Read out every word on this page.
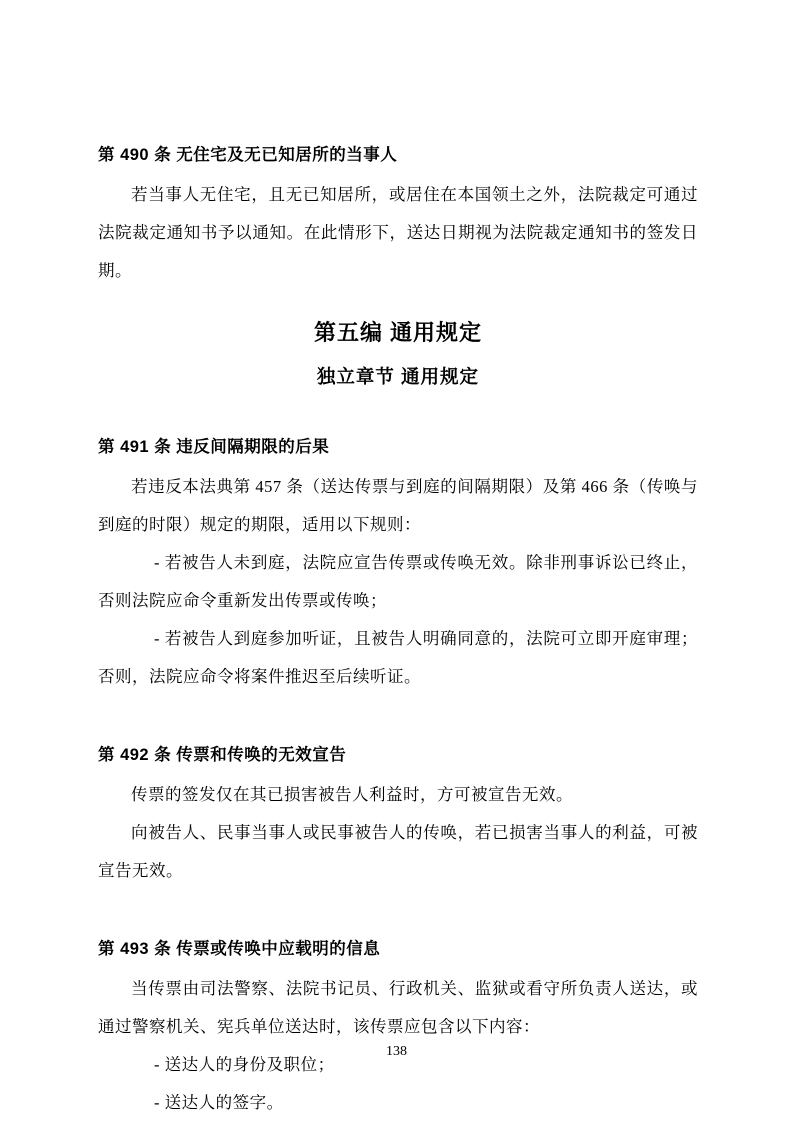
第 490 条 无住宅及无已知居所的当事人

若当事人无住宅，且无已知居所，或居住在本国领土之外，法院裁定可通过法院裁定通知书予以通知。在此情形下，送达日期视为法院裁定通知书的签发日期。

第五编 通用规定
独立章节 通用规定
第 491 条 违反间隔期限的后果

若违反本法典第 457 条（送达传票与到庭的间隔期限）及第 466 条（传唤与到庭的时限）规定的期限，适用以下规则：

- 若被告人未到庭，法院应宣告传票或传唤无效。除非刑事诉讼已终止，否则法院应命令重新发出传票或传唤；

- 若被告人到庭参加听证，且被告人明确同意的，法院可立即开庭审理；否则，法院应命令将案件推迟至后续听证。

第 492 条 传票和传唤的无效宣告

传票的签发仅在其已损害被告人利益时，方可被宣告无效。

向被告人、民事当事人或民事被告人的传唤，若已损害当事人的利益，可被宣告无效。

第 493 条 传票或传唤中应载明的信息

当传票由司法警察、法院书记员、行政机关、监狱或看守所负责人送达，或通过警察机关、宪兵单位送达时，该传票应包含以下内容：

- 送达人的身份及职位；

- 送达人的签字。

138
